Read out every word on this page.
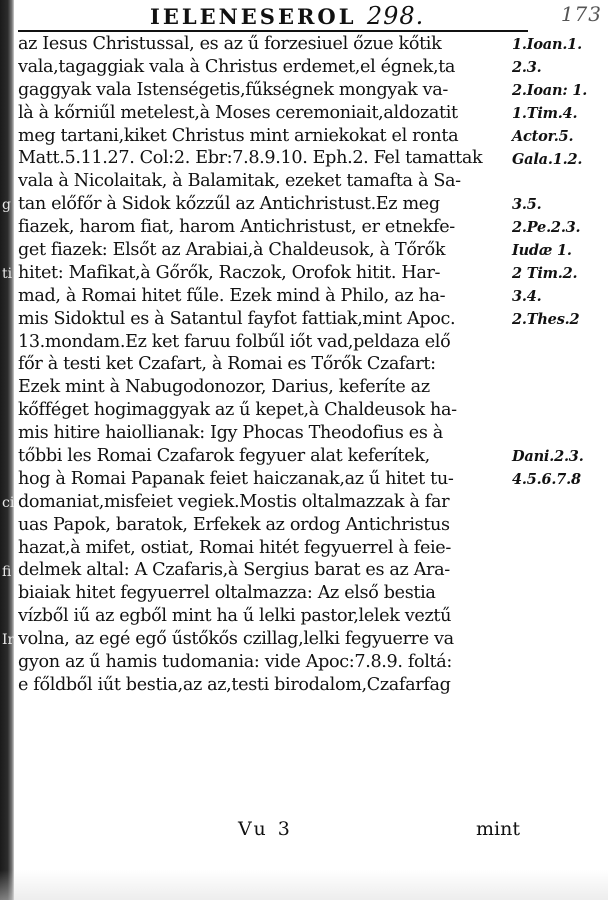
g
ti
ci
fi
Ir
IELENESEROL 298.	173
az Iesus Christussal, es az ű forzesiuel őzue kőtik
vala,tagaggiak vala à Christus erdemet,el égnek,ta
gaggyak vala Istenségetis,fűkségnek mongyak va-
là à kőrniűl metelest,à Moses ceremoniait,aldozatit
meg tartani,kiket Christus mint arniekokat el ronta
Matt.5.11.27. Col:2. Ebr:7.8.9.10. Eph.2. Fel tamattak
vala à Nicolaitak, à Balamitak, ezeket tamafta à Sa-
tan előfőr à Sidok kőzzűl az Antichristust.Ez meg
fiazek, harom fiat, harom Antichristust, er etnekfe-
get fiazek: Elsőt az Arabiai,à Chaldeusok, à Tőrők
hitet: Mafikat,à Gőrők, Raczok, Orofok hitit. Har-
mad, à Romai hitet fűle. Ezek mind à Philo, az ha-
mis Sidoktul es à Satantul fayfot fattiak,mint Apoc.
13.mondam.Ez ket faruu folbűl iőt vad,peldaza elő
főr à testi ket Czafart, à Romai es Tőrők Czafart:
Ezek mint à Nabugodonozor, Darius, keferíte az
kőfféget hogimaggyak az ű kepet,à Chaldeusok ha-
mis hitire haiollianak: Igy Phocas Theodofius es à
tőbbi les Romai Czafarok fegyuer alat keferítek,
hog à Romai Papanak feiet haiczanak,az ű hitet tu-
domaniat,misfeiet vegiek.Mostis oltalmazzak à far
uas Papok, baratok, Erfekek az ordog Antichristus
hazat,à mifet, ostiat, Romai hitét fegyuerrel à feie-
delmek altal: A Czafaris,à Sergius barat es az Ara-
biaiak hitet fegyuerrel oltalmazza: Az első bestia
vízből iű az egből mint ha ű lelki pastor,lelek veztű
volna, az egé egő űstőkős czillag,lelki fegyuerre va
gyon az ű hamis tudomania: vide Apoc:7.8.9. foltá:
e főldből iűt bestia,az az,testi birodalom,Czafarfag
1.Ioan.1.
2.3.
2.Ioan: 1.
1.Tim.4.
Actor.5.
Gala.1.2.
3.5.
2.Pe.2.3.
Iudæ 1.
2 Tim.2.
3.4.
2.Thes.2
Dani.2.3.
4.5.6.7.8
Vu 3	mint
